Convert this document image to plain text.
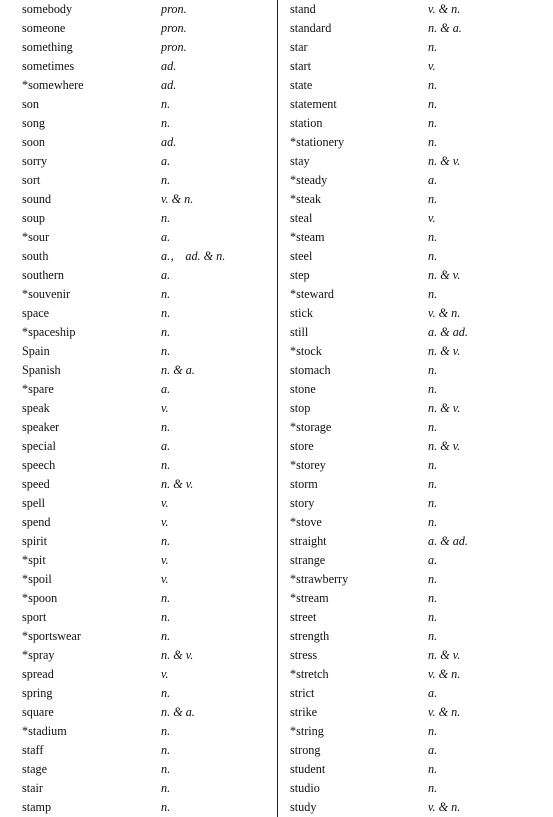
somebody	pron.
someone	pron.
something	pron.
sometimes	ad.
*somewhere	ad.
son	n.
song	n.
soon	ad.
sorry	a.
sort	n.
sound	v. & n.
soup	n.
*sour	a.
south	a.， ad. & n.
southern	a.
*souvenir	n.
space	n.
*spaceship	n.
Spain	n.
Spanish	n. & a.
*spare	a.
speak	v.
speaker	n.
special	a.
speech	n.
speed	n. & v.
spell	v.
spend	v.
spirit	n.
*spit	v.
*spoil	v.
*spoon	n.
sport	n.
*sportswear	n.
*spray	n. & v.
spread	v.
spring	n.
square	n. & a.
*stadium	n.
staff	n.
stage	n.
stair	n.
stamp	n.
stand	v. & n.
standard	n. & a.
star	n.
start	v.
state	n.
statement	n.
station	n.
*stationery	n.
stay	n. & v.
*steady	a.
*steak	n.
steal	v.
*steam	n.
steel	n.
step	n. & v.
*steward	n.
stick	v. & n.
still	a. & ad.
*stock	n. & v.
stomach	n.
stone	n.
stop	n. & v.
*storage	n.
store	n. & v.
*storey	n.
storm	n.
story	n.
*stove	n.
straight	a. & ad.
strange	a.
*strawberry	n.
*stream	n.
street	n.
strength	n.
stress	n. & v.
*stretch	v. & n.
strict	a.
strike	v. & n.
*string	n.
strong	a.
student	n.
studio	n.
study	v. & n.
